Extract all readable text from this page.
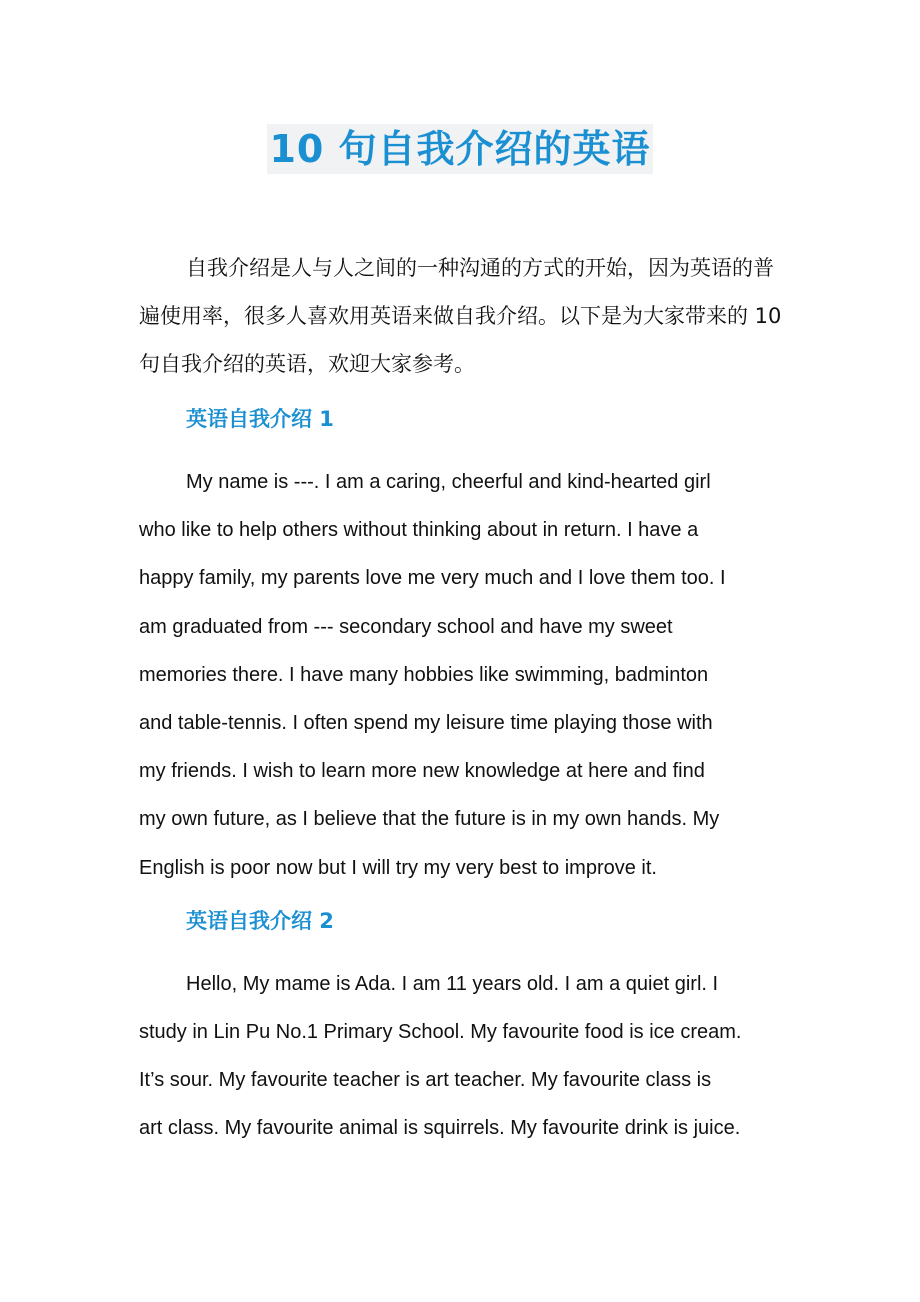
10 句自我介绍的英语

自我介绍是人与人之间的一种沟通的方式的开始，因为英语的普遍使用率，很多人喜欢用英语来做自我介绍。以下是为大家带来的 10 句自我介绍的英语，欢迎大家参考。

英语自我介绍 1
My name is ---. I am a caring, cheerful and kind-hearted girl
who like to help others without thinking about in return. I have a
happy family, my parents love me very much and I love them too. I
am graduated from --- secondary school and have my sweet
memories there. I have many hobbies like swimming, badminton
and table-tennis. I often spend my leisure time playing those with
my friends. I wish to learn more new knowledge at here and find
my own future, as I believe that the future is in my own hands. My
English is poor now but I will try my very best to improve it.
英语自我介绍 2
Hello, My mame is Ada. I am 11 years old. I am a quiet girl. I
study in Lin Pu No.1 Primary School. My favourite food is ice cream.
It’s sour. My favourite teacher is art teacher. My favourite class is
art class. My favourite animal is squirrels. My favourite drink is juice.
